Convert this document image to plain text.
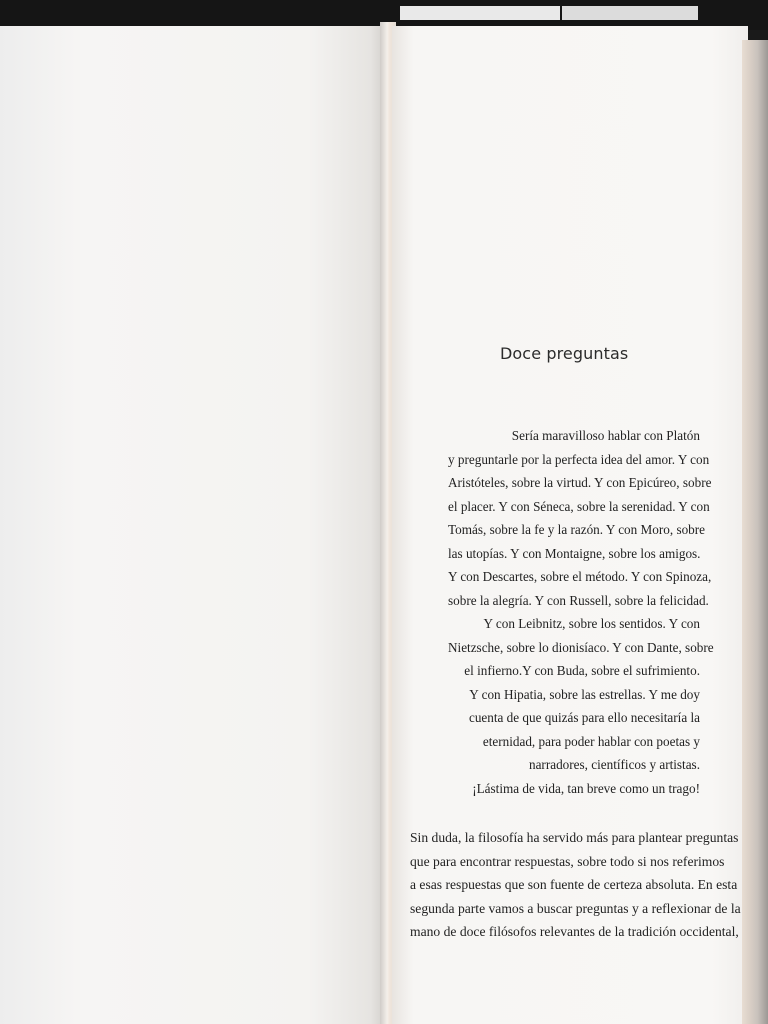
Doce preguntas
Sería maravilloso hablar con Platón
y preguntarle por la perfecta idea del amor. Y con
Aristóteles, sobre la virtud. Y con Epicúreo, sobre
el placer. Y con Séneca, sobre la serenidad. Y con
Tomás, sobre la fe y la razón. Y con Moro, sobre
las utopías. Y con Montaigne, sobre los amigos.
Y con Descartes, sobre el método. Y con Spinoza,
sobre la alegría. Y con Russell, sobre la felicidad.
Y con Leibnitz, sobre los sentidos. Y con
Nietzsche, sobre lo dionisíaco. Y con Dante, sobre
el infierno.Y con Buda, sobre el sufrimiento.
Y con Hipatia, sobre las estrellas. Y me doy
cuenta de que quizás para ello necesitaría la
eternidad, para poder hablar con poetas y
narradores, científicos y artistas.
¡Lástima de vida, tan breve como un trago!
Sin duda, la filosofía ha servido más para plantear preguntas
que para encontrar respuestas, sobre todo si nos referimos
a esas respuestas que son fuente de certeza absoluta. En esta
segunda parte vamos a buscar preguntas y a reflexionar de la
mano de doce filósofos relevantes de la tradición occidental,
